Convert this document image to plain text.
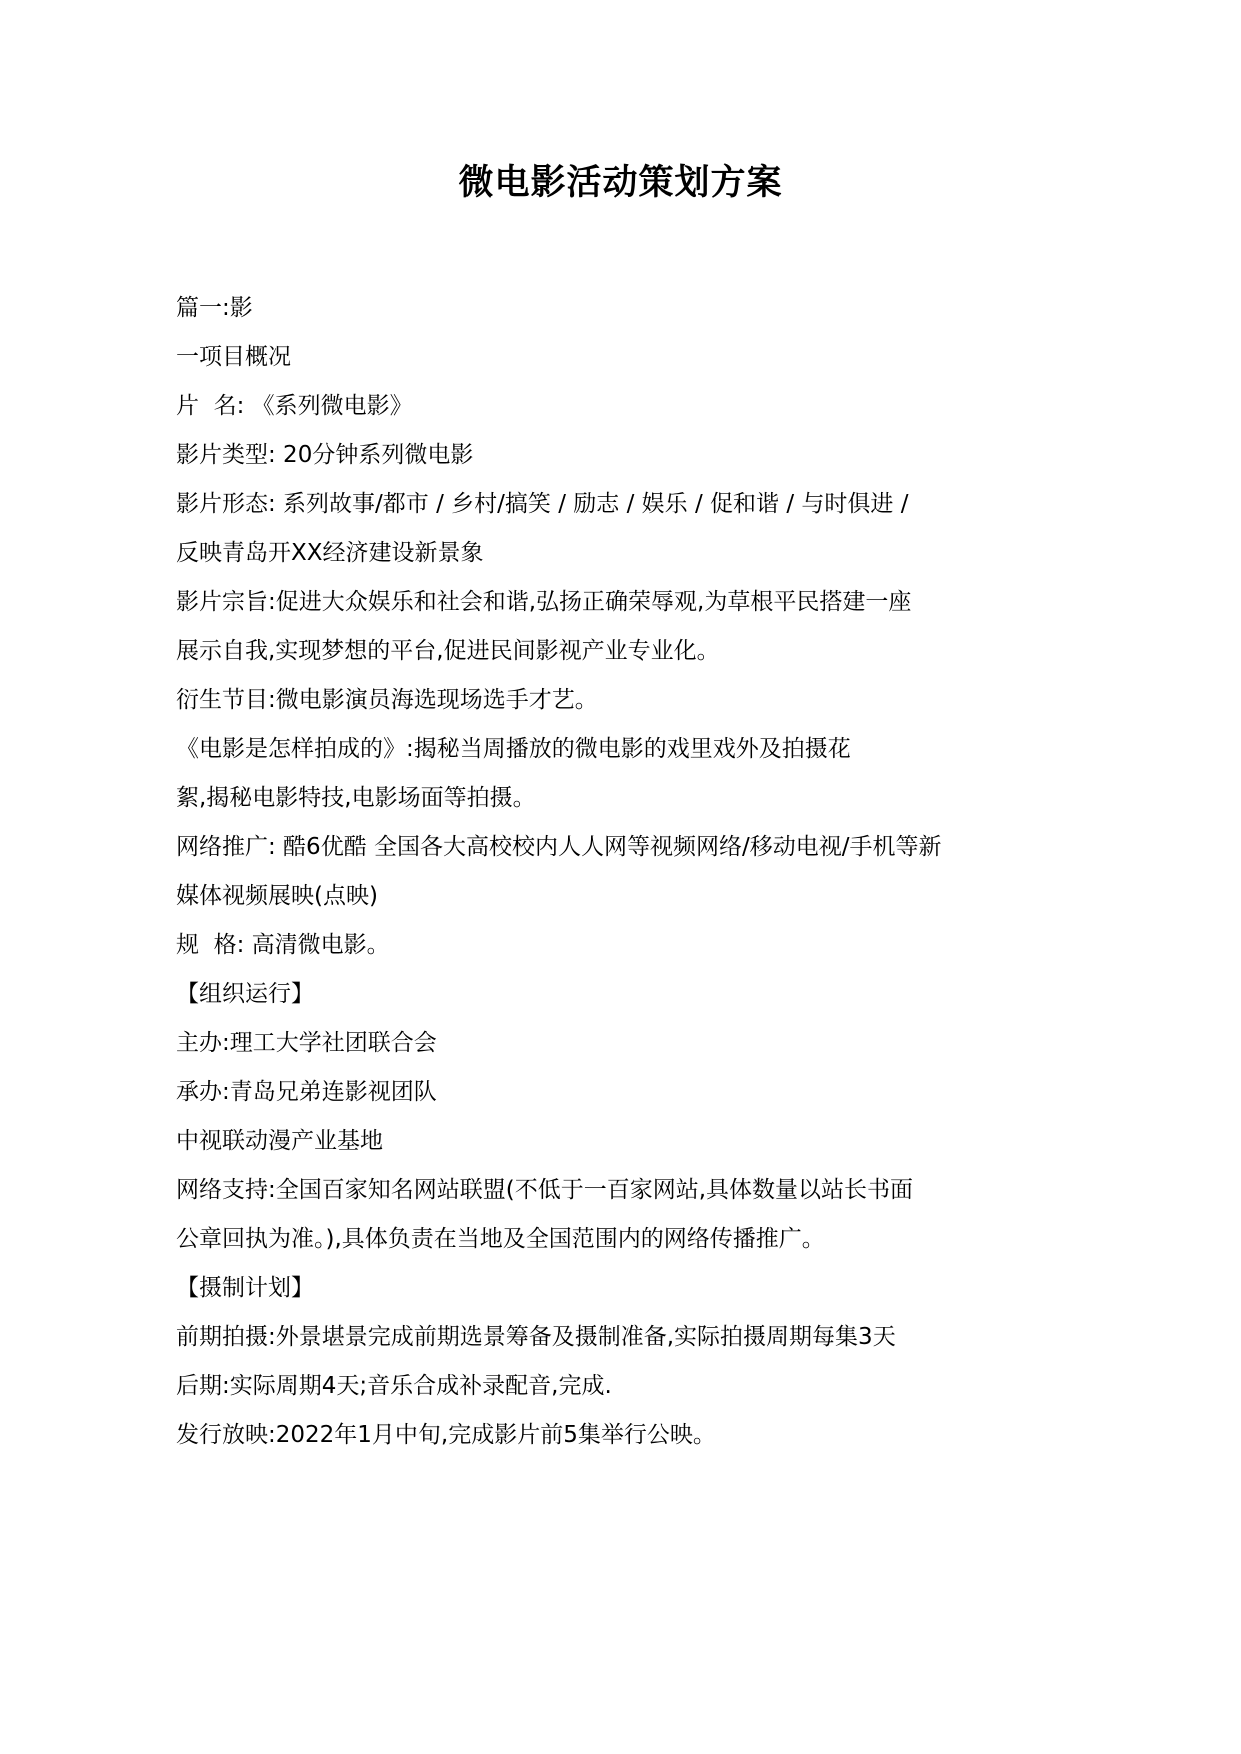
微电影活动策划方案

篇一:影

一项目概况

片  名: 《系列微电影》

影片类型: 20分钟系列微电影

影片形态: 系列故事/都市 / 乡村/搞笑 / 励志 / 娱乐 / 促和谐 / 与时俱进 /

反映青岛开XX经济建设新景象

影片宗旨:促进大众娱乐和社会和谐,弘扬正确荣辱观,为草根平民搭建一座

展示自我,实现梦想的平台,促进民间影视产业专业化。

衍生节目:微电影演员海选现场选手才艺。

《电影是怎样拍成的》:揭秘当周播放的微电影的戏里戏外及拍摄花

絮,揭秘电影特技,电影场面等拍摄。

网络推广: 酷6优酷 全国各大高校校内人人网等视频网络/移动电视/手机等新

媒体视频展映(点映)

规  格: 高清微电影。

【组织运行】

主办:理工大学社团联合会

承办:青岛兄弟连影视团队

中视联动漫产业基地

网络支持:全国百家知名网站联盟(不低于一百家网站,具体数量以站长书面

公章回执为准。),具体负责在当地及全国范围内的网络传播推广。

【摄制计划】

前期拍摄:外景堪景完成前期选景筹备及摄制准备,实际拍摄周期每集3天

后期:实际周期4天;音乐合成补录配音,完成.

发行放映:2022年1月中旬,完成影片前5集举行公映。
